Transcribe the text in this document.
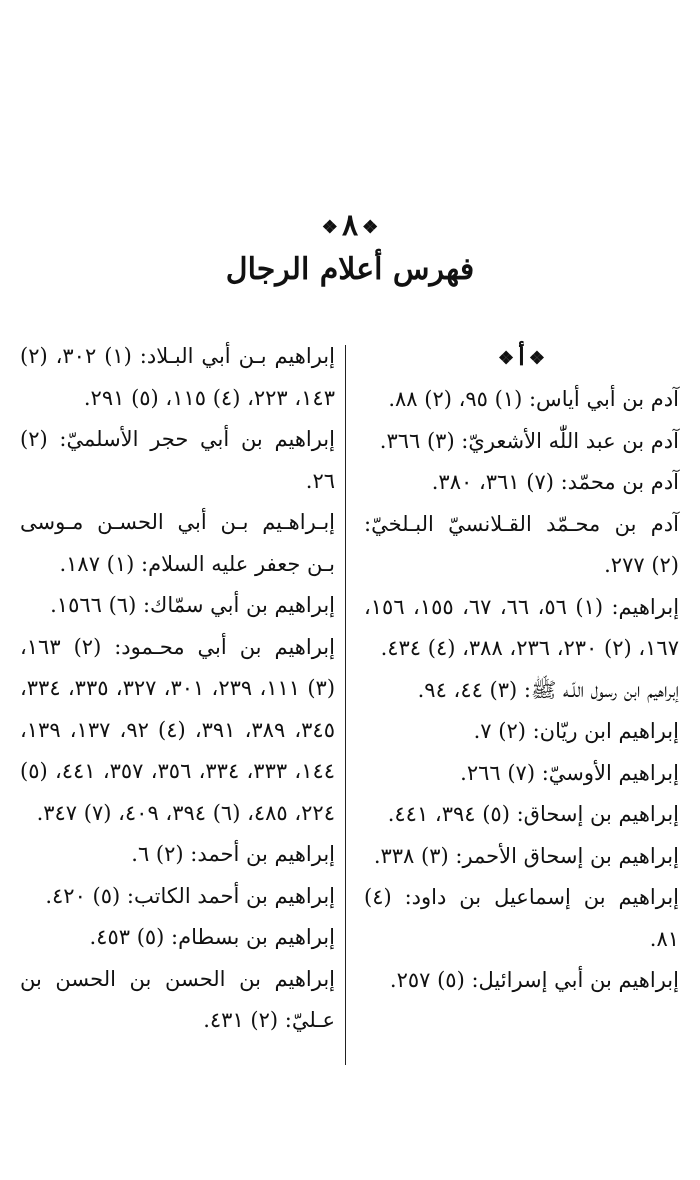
❖٨❖
فهرس أعلام الرجال

❖أ❖

آدم بن أبي أياس: (١) ٩٥، (٢) ٨٨.

آدم بن عبد اللّٰه الأشعريّ: (٣) ٣٦٦.

آدم بن محمّد: (٧) ٣٦١، ٣٨٠.

آدم بن محـمّد القـلانسيّ البـلخيّ: (٢) ٢٧٧.

إبراهيم: (١) ٥٦، ٦٦، ٦٧، ١٥٥، ١٥٦، ١٦٧، (٢) ٢٣٠، ٢٣٦، ٣٨٨، (٤) ٤٣٤.

إبراهيم ابن رسول اللّـه ﷺ: (٣) ٤٤، ٩٤.

إبراهيم ابن ريّان: (٢) ٧.

إبراهيم الأوسيّ: (٧) ٢٦٦.

إبراهيم بن إسحاق: (٥) ٣٩٤، ٤٤١.

إبراهيم بن إسحاق الأحمر: (٣) ٣٣٨.

إبراهيم بن إسماعيل بن داود: (٤) ٨١.

إبراهيم بن أبي إسرائيل: (٥) ٢٥٧.

إبراهيم بـن أبي البـلاد: (١) ٣٠٢، (٢) ١٤٣، ٢٢٣، (٤) ١١٥، (٥) ٢٩١.

إبراهيم بن أبي حجر الأسلميّ: (٢) ٢٦.

إبـراهـيم بـن أبي الحسـن مـوسى بـن جعفر عليه السلام: (١) ١٨٧.

إبراهيم بن أبي سمّاك: (٦) ١٥٦٦.

إبراهيم بن أبي محـمود: (٢) ١٦٣، (٣) ١١١، ٢٣٩، ٣٠١، ٣٢٧، ٣٣٥، ٣٣٤، ٣٤٥، ٣٨٩، ٣٩١، (٤) ٩٢، ١٣٧، ١٣٩، ١٤٤، ٣٣٣، ٣٣٤، ٣٥٦، ٣٥٧، ٤٤١، (٥) ٢٢٤، ٤٨٥، (٦) ٣٩٤، ٤٠٩، (٧) ٣٤٧.

إبراهيم بن أحمد: (٢) ٦.

إبراهيم بن أحمد الكاتب: (٥) ٤٢٠.

إبراهيم بن بسطام: (٥) ٤٥٣.

إبراهيم بن الحسن بن الحسن بن عـليّ: (٢) ٤٣١.
